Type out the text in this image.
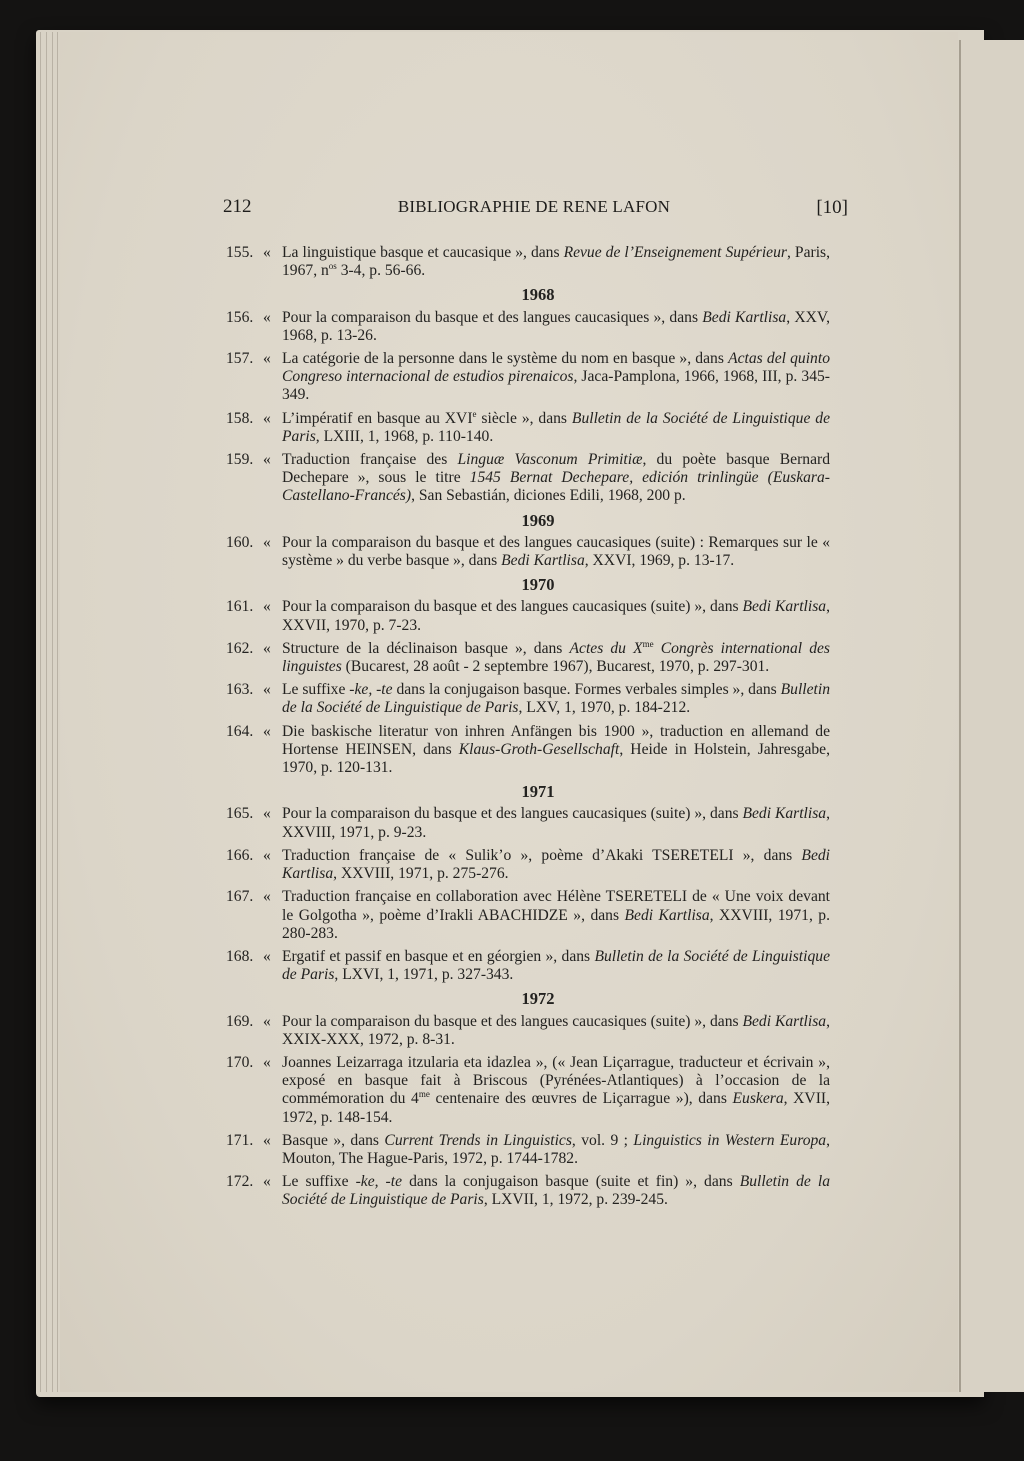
212	BIBLIOGRAPHIE DE RENE LAFON	[10]
155. « La linguistique basque et caucasique », dans Revue de l’Enseignement Supérieur, Paris, 1967, $n^{os}$ 3-4, p. 56-66.
1968
156. « Pour la comparaison du basque et des langues caucasiques », dans Bedi Kartlisa, XXV, 1968, p. 13-26.
157. « La catégorie de la personne dans le système du nom en basque », dans Actas del quinto Congreso internacional de estudios pirenaicos, Jaca-Pamplona, 1966, 1968, III, p. 345-349.
158. « L’impératif en basque au XVIe siècle », dans Bulletin de la Société de Linguistique de Paris, LXIII, 1, 1968, p. 110-140.
159. « Traduction française des Linguæ Vasconum Primitiæ, du poète basque Bernard Dechepare », sous le titre 1545 Bernat Dechepare, edición trinlingüe (Euskara-Castellano-Francés), San Sebastián, diciones Edili, 1968, 200 p.
1969
160. « Pour la comparaison du basque et des langues caucasiques (suite) : Remarques sur le « système » du verbe basque », dans Bedi Kartlisa, XXVI, 1969, p. 13-17.
1970
161. « Pour la comparaison du basque et des langues caucasiques (suite) », dans Bedi Kartlisa, XXVII, 1970, p. 7-23.
162. « Structure de la déclinaison basque », dans Actes du $X^{me}$ Congrès international des linguistes (Bucarest, 28 août - 2 septembre 1967), Bucarest, 1970, p. 297-301.
163. « Le suffixe -ke, -te dans la conjugaison basque. Formes verbales simples », dans Bulletin de la Société de Linguistique de Paris, LXV, 1, 1970, p. 184-212.
164. « Die baskische literatur von inhren Anfängen bis 1900 », traduction en allemand de Hortense HEINSEN, dans Klaus-Groth-Gesellschaft, Heide in Holstein, Jahresgabe, 1970, p. 120-131.
1971
165. « Pour la comparaison du basque et des langues caucasiques (suite) », dans Bedi Kartlisa, XXVIII, 1971, p. 9-23.
166. « Traduction française de « Sulik’o », poème d’Akaki TSERETELI », dans Bedi Kartlisa, XXVIII, 1971, p. 275-276.
167. « Traduction française en collaboration avec Hélène TSERETELI de « Une voix devant le Golgotha », poème d’Irakli ABACHIDZE », dans Bedi Kartlisa, XXVIII, 1971, p. 280-283.
168. « Ergatif et passif en basque et en géorgien », dans Bulletin de la Société de Linguistique de Paris, LXVI, 1, 1971, p. 327-343.
1972
169. « Pour la comparaison du basque et des langues caucasiques (suite) », dans Bedi Kartlisa, XXIX-XXX, 1972, p. 8-31.
170. « Joannes Leizarraga itzularia eta idazlea », (« Jean Liçarrague, traducteur et écrivain », exposé en basque fait à Briscous (Pyrénées-Atlantiques) à l’occasion de la commémoration du $4^{me}$ centenaire des œuvres de Liçarrague »), dans Euskera, XVII, 1972, p. 148-154.
171. « Basque », dans Current Trends in Linguistics, vol. 9 ; Linguistics in Western Europa, Mouton, The Hague-Paris, 1972, p. 1744-1782.
172. « Le suffixe -ke, -te dans la conjugaison basque (suite et fin) », dans Bulletin de la Société de Linguistique de Paris, LXVII, 1, 1972, p. 239-245.
